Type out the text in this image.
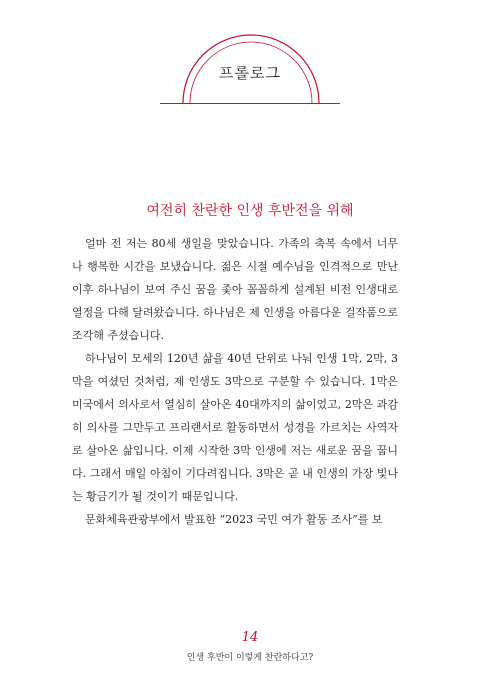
프롤로그
여전히 찬란한 인생 후반전을 위해

얼마 전 저는 80세 생일을 맞았습니다. 가족의 축복 속에서 너무나 행복한 시간을 보냈습니다. 젊은 시절 예수님을 인격적으로 만난 이후 하나님이 보여 주신 꿈을 좇아 꼼꼼하게 설계된 비전 인생대로 열정을 다해 달려왔습니다. 하나님은 제 인생을 아름다운 걸작품으로 조각해 주셨습니다.

하나님이 모세의 120년 삶을 40년 단위로 나눠 인생 1막, 2막, 3막을 여셨던 것처럼, 제 인생도 3막으로 구분할 수 있습니다. 1막은 미국에서 의사로서 열심히 살아온 40대까지의 삶이었고, 2막은 과감히 의사를 그만두고 프리랜서로 활동하면서 성경을 가르치는 사역자로 살아온 삶입니다. 이제 시작한 3막 인생에 저는 새로운 꿈을 꿉니다. 그래서 매일 아침이 기다려집니다. 3막은 곧 내 인생의 가장 빛나는 황금기가 될 것이기 때문입니다.

문화체육관광부에서 발표한 “2023 국민 여가 활동 조사”를 보

14
인생 후반이 이렇게 찬란하다고?
